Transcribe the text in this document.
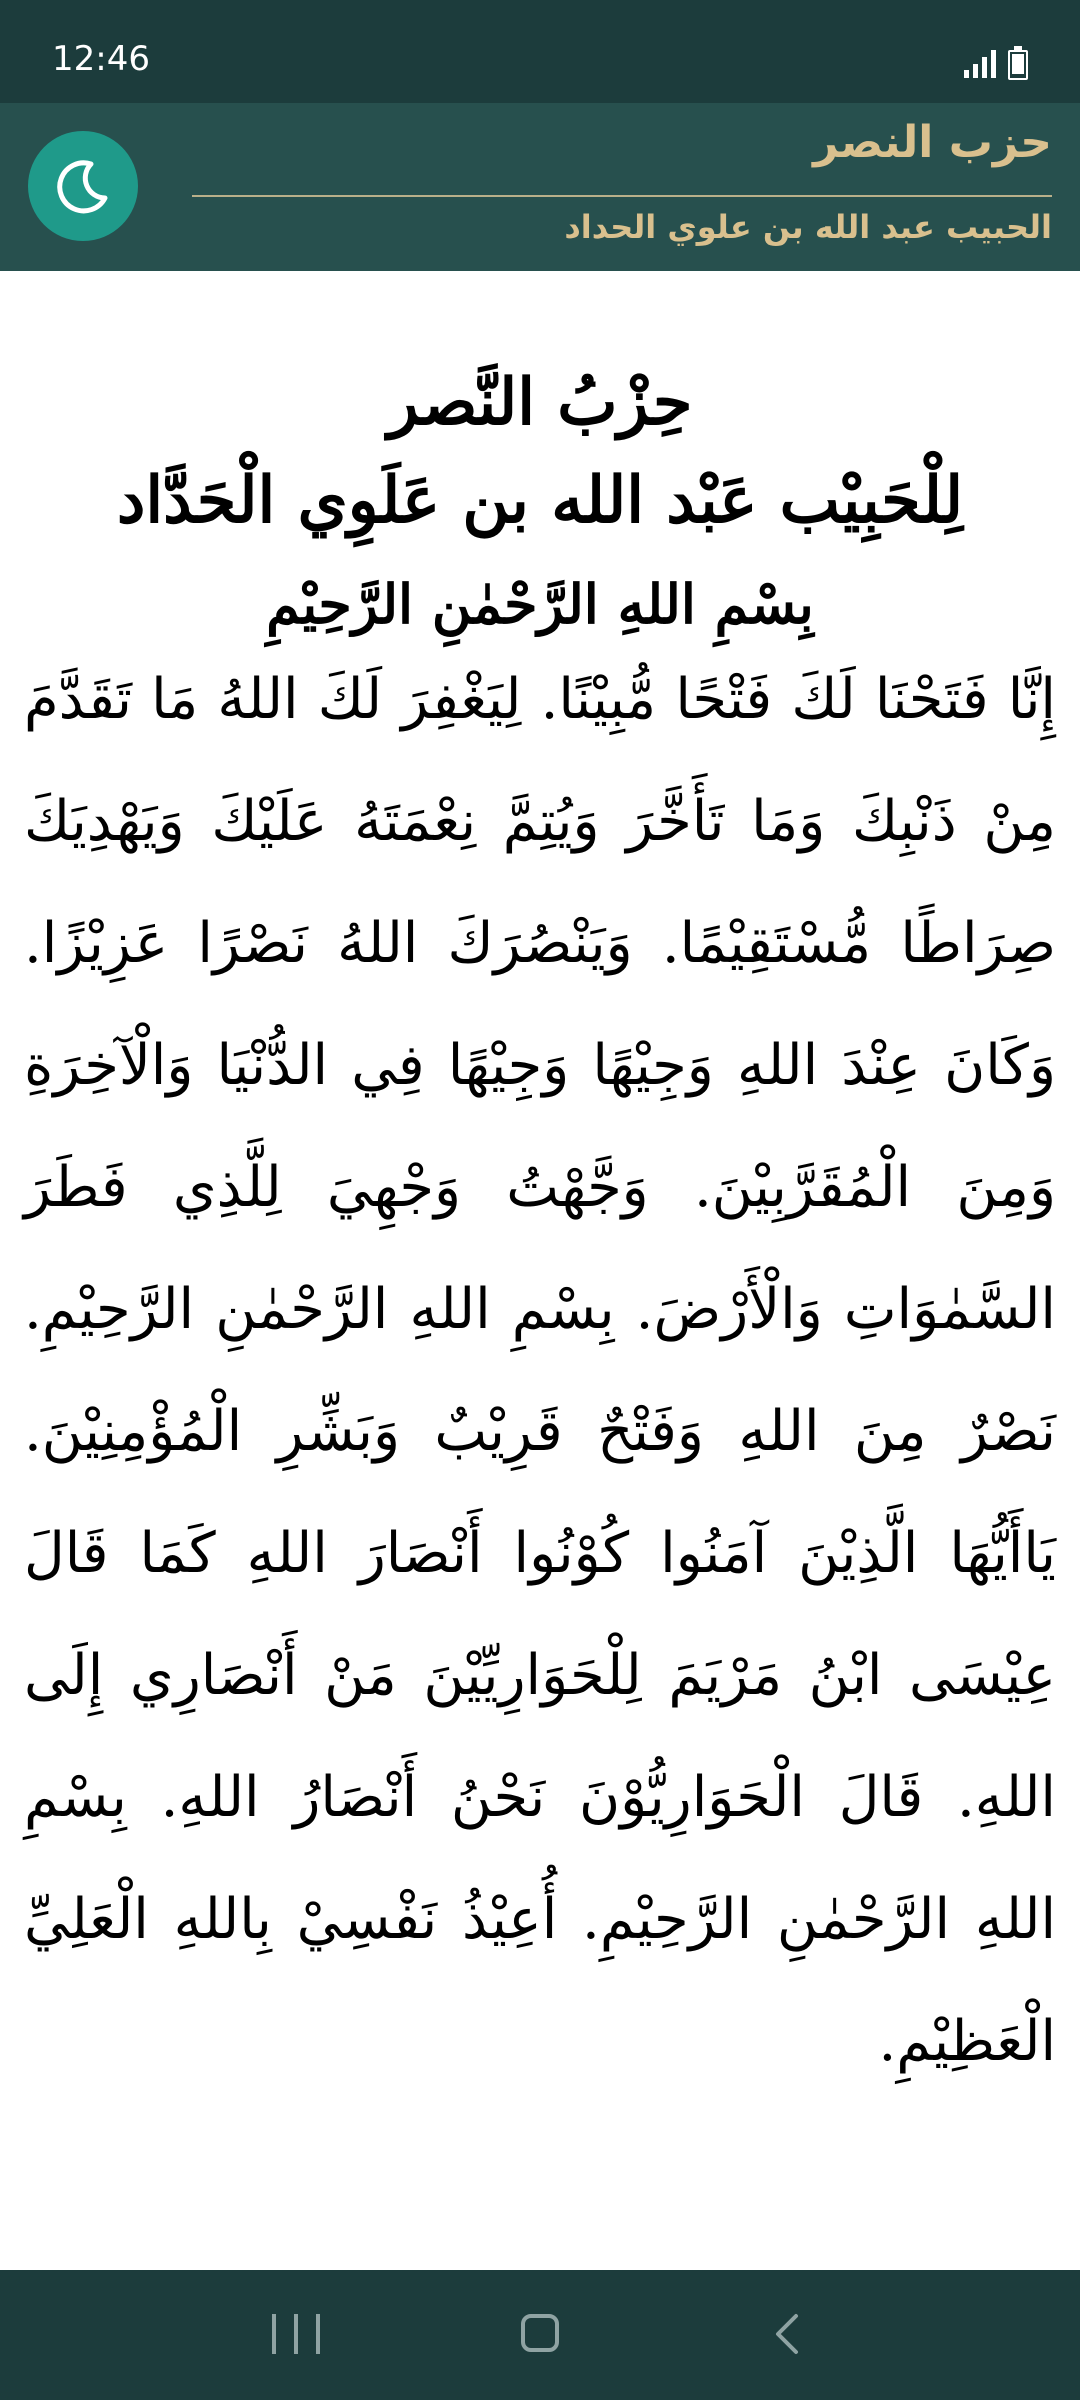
12:46
حزب النصر
الحبيب عبد الله بن علوي الحداد
حِزْبُ النَّصر
لِلْحَبِيْب عَبْد الله بن عَلَوِي الْحَدَّاد
بِسْمِ اللهِ الرَّحْمٰنِ الرَّحِيْمِ

إِنَّا فَتَحْنَا لَكَ فَتْحًا مُّبِيْنًا. لِيَغْفِرَ لَكَ اللهُ مَا تَقَدَّمَ مِنْ ذَنْبِكَ وَمَا تَأَخَّرَ وَيُتِمَّ نِعْمَتَهُ عَلَيْكَ وَيَهْدِيَكَ صِرَاطًا مُّسْتَقِيْمًا. وَيَنْصُرَكَ اللهُ نَصْرًا عَزِيْزًا. وَكَانَ عِنْدَ اللهِ وَجِيْهًا وَجِيْهًا فِي الدُّنْيَا وَالْآخِرَةِ وَمِنَ الْمُقَرَّبِيْنَ. وَجَّهْتُ وَجْهِيَ لِلَّذِي فَطَرَ السَّمٰوَاتِ وَالْأَرْضَ. بِسْمِ اللهِ الرَّحْمٰنِ الرَّحِيْمِ. نَصْرٌ مِنَ اللهِ وَفَتْحٌ قَرِيْبٌ وَبَشِّرِ الْمُؤْمِنِيْنَ. يَاأَيُّهَا الَّذِيْنَ آمَنُوا كُوْنُوا أَنْصَارَ اللهِ كَمَا قَالَ عِيْسَى ابْنُ مَرْيَمَ لِلْحَوَارِيِّيْنَ مَنْ أَنْصَارِي إِلَى اللهِ. قَالَ الْحَوَارِيُّوْنَ نَحْنُ أَنْصَارُ اللهِ. بِسْمِ اللهِ الرَّحْمٰنِ الرَّحِيْمِ. أُعِيْذُ نَفْسِيْ بِاللهِ الْعَلِيِّ الْعَظِيْمِ.
